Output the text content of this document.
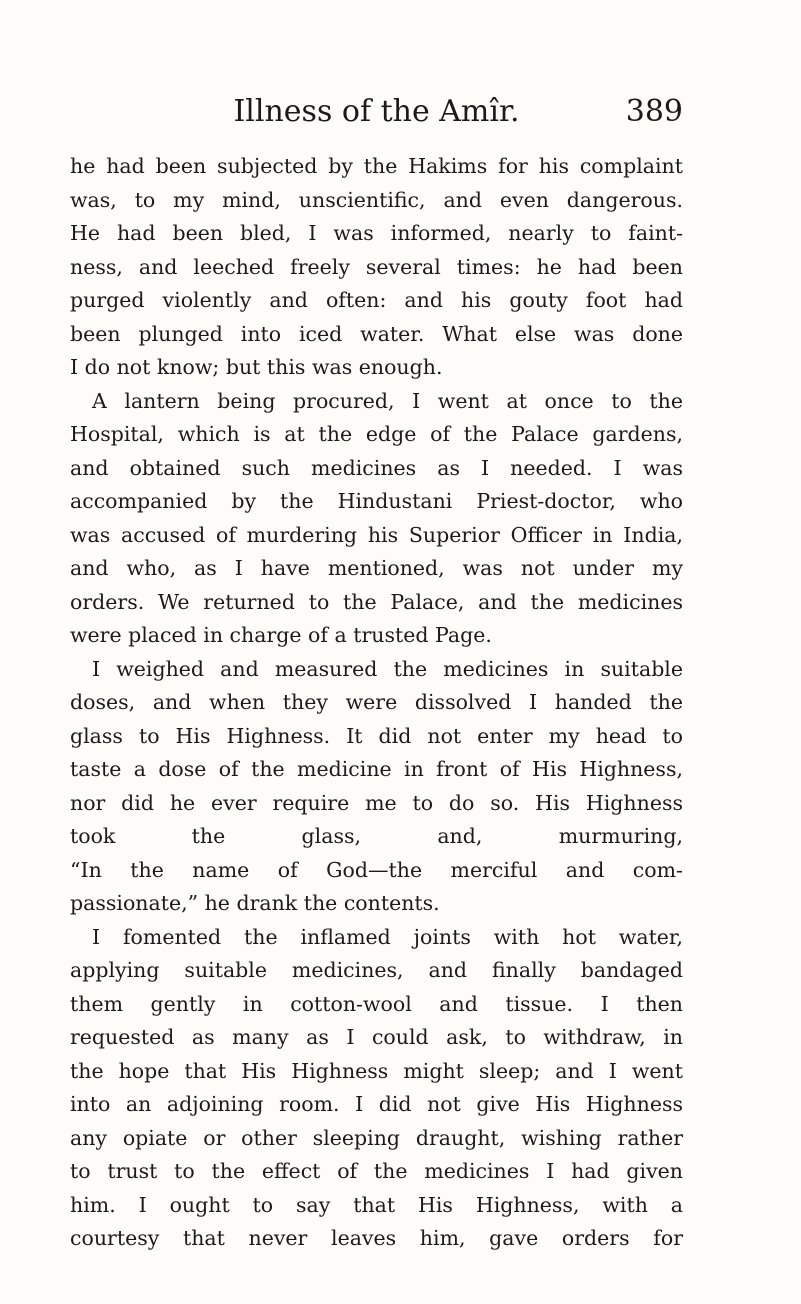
Illness of the Amîr.	389
he had been subjected by the Hakims for his complaint
was, to my mind, unscientific, and even dangerous.
He had been bled, I was informed, nearly to faint-
ness, and leeched freely several times: he had been
purged violently and often: and his gouty foot had
been plunged into iced water. What else was done
I do not know; but this was enough.
A lantern being procured, I went at once to the
Hospital, which is at the edge of the Palace gardens,
and obtained such medicines as I needed. I was
accompanied by the Hindustani Priest-doctor, who
was accused of murdering his Superior Officer in India,
and who, as I have mentioned, was not under my
orders. We returned to the Palace, and the medicines
were placed in charge of a trusted Page.
I weighed and measured the medicines in suitable
doses, and when they were dissolved I handed the
glass to His Highness. It did not enter my head to
taste a dose of the medicine in front of His Highness,
nor did he ever require me to do so. His Highness
took the glass, and, murmuring,
“In the name of God—the merciful and com-
passionate,” he drank the contents.
I fomented the inflamed joints with hot water,
applying suitable medicines, and finally bandaged
them gently in cotton-wool and tissue. I then
requested as many as I could ask, to withdraw, in
the hope that His Highness might sleep; and I went
into an adjoining room. I did not give His Highness
any opiate or other sleeping draught, wishing rather
to trust to the effect of the medicines I had given
him. I ought to say that His Highness, with a
courtesy that never leaves him, gave orders for
